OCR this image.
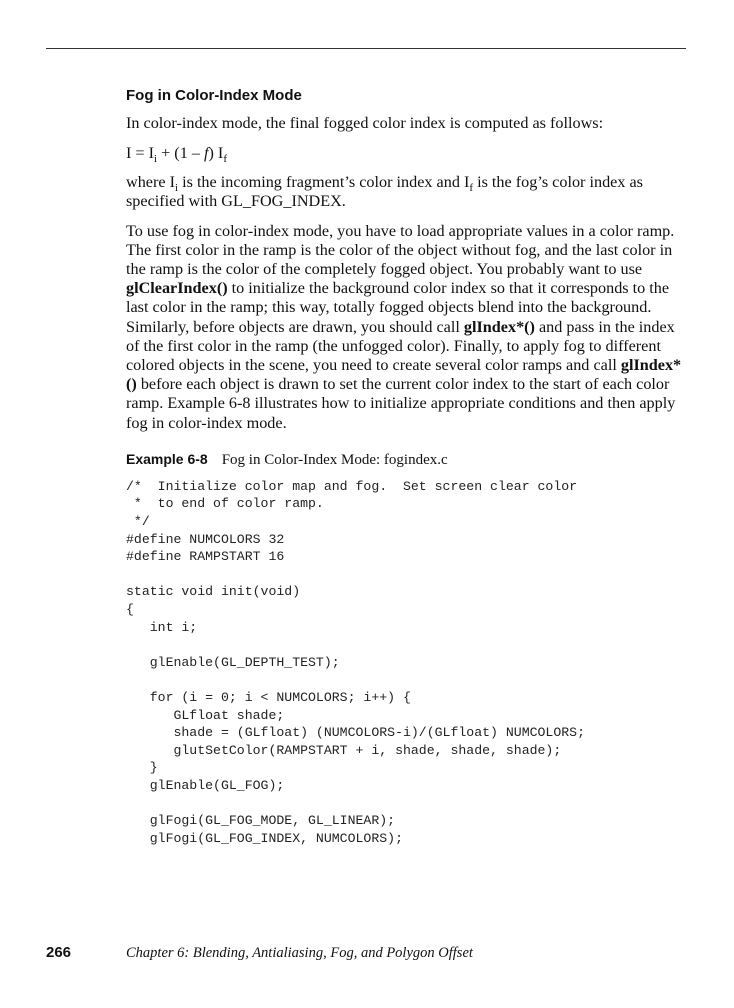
Fog in Color-Index Mode

In color-index mode, the final fogged color index is computed as follows:

$I = I_i + (1 - f)$ $I_f$

where $I_i$ is the incoming fragment’s color index and $I_f$ is the fog’s color index as specified with GL_FOG_INDEX.

To use fog in color-index mode, you have to load appropriate values in a color ramp. The first color in the ramp is the color of the object without fog, and the last color in the ramp is the color of the completely fogged object. You probably want to use glClearIndex() to initialize the background color index so that it corresponds to the last color in the ramp; this way, totally fogged objects blend into the background. Similarly, before objects are drawn, you should call glIndex*() and pass in the index of the first color in the ramp (the unfogged color). Finally, to apply fog to different colored objects in the scene, you need to create several color ramps and call glIndex*() before each object is drawn to set the current color index to the start of each color ramp. Example 6-8 illustrates how to initialize appropriate conditions and then apply fog in color-index mode.

Example 6-8 Fog in Color-Index Mode: fogindex.c
/*  Initialize color map and fog.  Set screen clear color
*  to end of color ramp.
*/
#define NUMCOLORS 32
#define RAMPSTART 16

static void init(void)
{
int i;

glEnable(GL_DEPTH_TEST);

for (i = 0; i < NUMCOLORS; i++) {
GLfloat shade;
shade = (GLfloat) (NUMCOLORS-i)/(GLfloat) NUMCOLORS;
glutSetColor(RAMPSTART + i, shade, shade, shade);
}
glEnable(GL_FOG);

glFogi(GL_FOG_MODE, GL_LINEAR);
glFogi(GL_FOG_INDEX, NUMCOLORS);
266	Chapter 6: Blending, Antialiasing, Fog, and Polygon Offset
